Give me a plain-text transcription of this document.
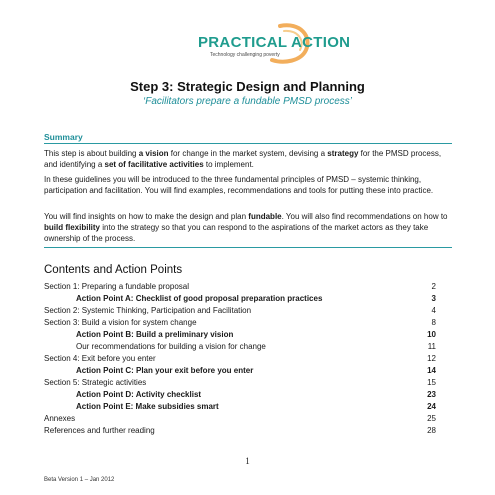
PRACTICAL ACTION
Technology challenging poverty
Step 3: Strategic Design and Planning
‘Facilitators prepare a fundable PMSD process’
Summary
This step is about building a vision for change in the market system, devising a strategy for the PMSD process, and identifying a set of facilitative activities to implement.
In these guidelines you will be introduced to the three fundamental principles of PMSD – systemic thinking, participation and facilitation. You will find examples, recommendations and tools for putting these into practice.
You will find insights on how to make the design and plan fundable. You will also find recommendations on how to build flexibility into the strategy so that you can respond to the aspirations of the market actors as they take ownership of the process.
Contents and Action Points
Section 1: Preparing a fundable proposal	2
Action Point A: Checklist of good proposal preparation practices	3
Section 2: Systemic Thinking, Participation and Facilitation	4
Section 3: Build a vision for system change	8
Action Point B: Build a preliminary vision	10
Our recommendations for building a vision for change	11
Section 4: Exit before you enter	12
Action Point C: Plan your exit before you enter	14
Section 5: Strategic activities	15
Action Point D: Activity checklist	23
Action Point E: Make subsidies smart	24
Annexes	25
References and further reading	28
1
Beta Version 1 – Jan 2012
